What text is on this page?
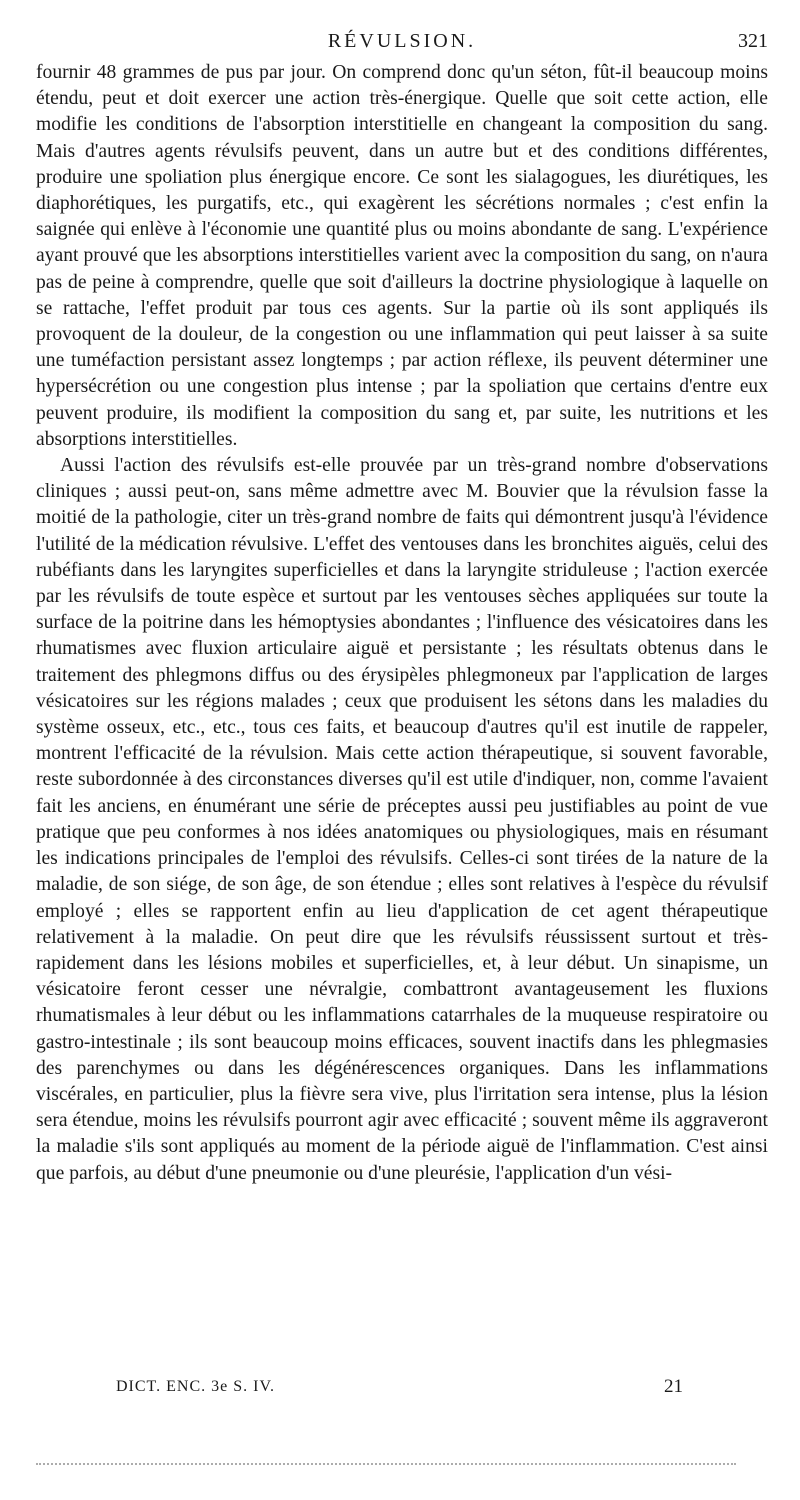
RÉVULSION.	321

fournir 48 grammes de pus par jour. On comprend donc qu'un séton, fût-il beaucoup moins étendu, peut et doit exercer une action très-énergique. Quelle que soit cette action, elle modifie les conditions de l'absorption interstitielle en changeant la composition du sang. Mais d'autres agents révulsifs peuvent, dans un autre but et des conditions différentes, produire une spoliation plus énergique encore. Ce sont les sialagogues, les diurétiques, les diaphorétiques, les purgatifs, etc., qui exagèrent les sécrétions normales ; c'est enfin la saignée qui enlève à l'économie une quantité plus ou moins abondante de sang. L'expérience ayant prouvé que les absorptions interstitielles varient avec la composition du sang, on n'aura pas de peine à comprendre, quelle que soit d'ailleurs la doctrine physiologique à laquelle on se rattache, l'effet produit par tous ces agents. Sur la partie où ils sont appliqués ils provoquent de la douleur, de la congestion ou une inflammation qui peut laisser à sa suite une tuméfaction persistant assez longtemps ; par action réflexe, ils peuvent déterminer une hypersécrétion ou une congestion plus intense ; par la spoliation que certains d'entre eux peuvent produire, ils modifient la composition du sang et, par suite, les nutritions et les absorptions interstitielles.

Aussi l'action des révulsifs est-elle prouvée par un très-grand nombre d'observations cliniques ; aussi peut-on, sans même admettre avec M. Bouvier que la révulsion fasse la moitié de la pathologie, citer un très-grand nombre de faits qui démontrent jusqu'à l'évidence l'utilité de la médication révulsive. L'effet des ventouses dans les bronchites aiguës, celui des rubéfiants dans les laryngites superficielles et dans la laryngite striduleuse ; l'action exercée par les révulsifs de toute espèce et surtout par les ventouses sèches appliquées sur toute la surface de la poitrine dans les hémoptysies abondantes ; l'influence des vésicatoires dans les rhumatismes avec fluxion articulaire aiguë et persistante ; les résultats obtenus dans le traitement des phlegmons diffus ou des érysipèles phlegmoneux par l'application de larges vésicatoires sur les régions malades ; ceux que produisent les sétons dans les maladies du système osseux, etc., etc., tous ces faits, et beaucoup d'autres qu'il est inutile de rappeler, montrent l'efficacité de la révulsion. Mais cette action thérapeutique, si souvent favorable, reste subordonnée à des circonstances diverses qu'il est utile d'indiquer, non, comme l'avaient fait les anciens, en énumérant une série de préceptes aussi peu justifiables au point de vue pratique que peu conformes à nos idées anatomiques ou physiologiques, mais en résumant les indications principales de l'emploi des révulsifs. Celles-ci sont tirées de la nature de la maladie, de son siége, de son âge, de son étendue ; elles sont relatives à l'espèce du révulsif employé ; elles se rapportent enfin au lieu d'application de cet agent thérapeutique relativement à la maladie. On peut dire que les révulsifs réussissent surtout et très-rapidement dans les lésions mobiles et superficielles, et, à leur début. Un sinapisme, un vésicatoire feront cesser une névralgie, combattront avantageusement les fluxions rhumatismales à leur début ou les inflammations catarrhales de la muqueuse respiratoire ou gastro-intestinale ; ils sont beaucoup moins efficaces, souvent inactifs dans les phlegmasies des parenchymes ou dans les dégénérescences organiques. Dans les inflammations viscérales, en particulier, plus la fièvre sera vive, plus l'irritation sera intense, plus la lésion sera étendue, moins les révulsifs pourront agir avec efficacité ; souvent même ils aggraveront la maladie s'ils sont appliqués au moment de la période aiguë de l'inflammation. C'est ainsi que parfois, au début d'une pneumonie ou d'une pleurésie, l'application d'un vési-

DICT. ENC. 3e S. IV.	21
